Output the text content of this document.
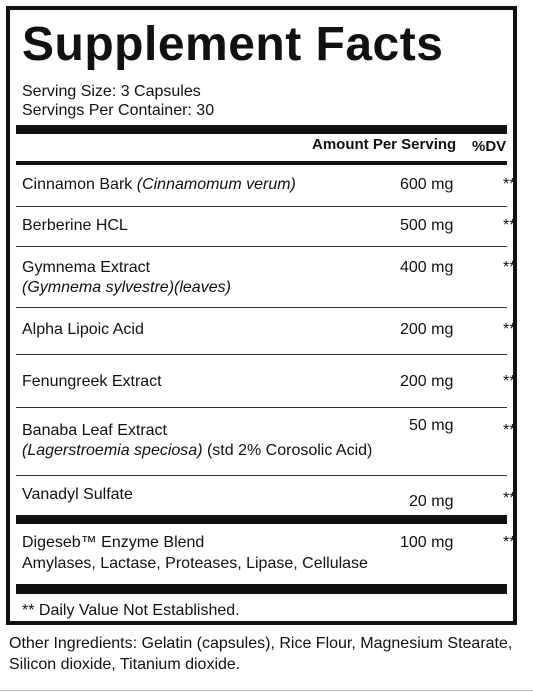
Supplement Facts
Serving Size: 3 Capsules
Servings Per Container: 30
Amount Per Serving %DV
Cinnamon Bark (Cinnamomum verum)	600 mg	**
Berberine HCL	500 mg	**
Gymnema Extract
(Gymnema sylvestre)(leaves)
400 mg	**
Alpha Lipoic Acid	200 mg	**
Fenungreek Extract	200 mg	**
Banaba Leaf Extract
(Lagerstroemia speciosa) (std 2% Corosolic Acid)
50 mg	**
Vanadyl Sulfate	20 mg	**
Digeseb™ Enzyme Blend
Amylases, Lactase, Proteases, Lipase, Cellulase
100 mg	**
** Daily Value Not Established.
Other Ingredients: Gelatin (capsules), Rice Flour, Magnesium Stearate, Silicon dioxide, Titanium dioxide.
